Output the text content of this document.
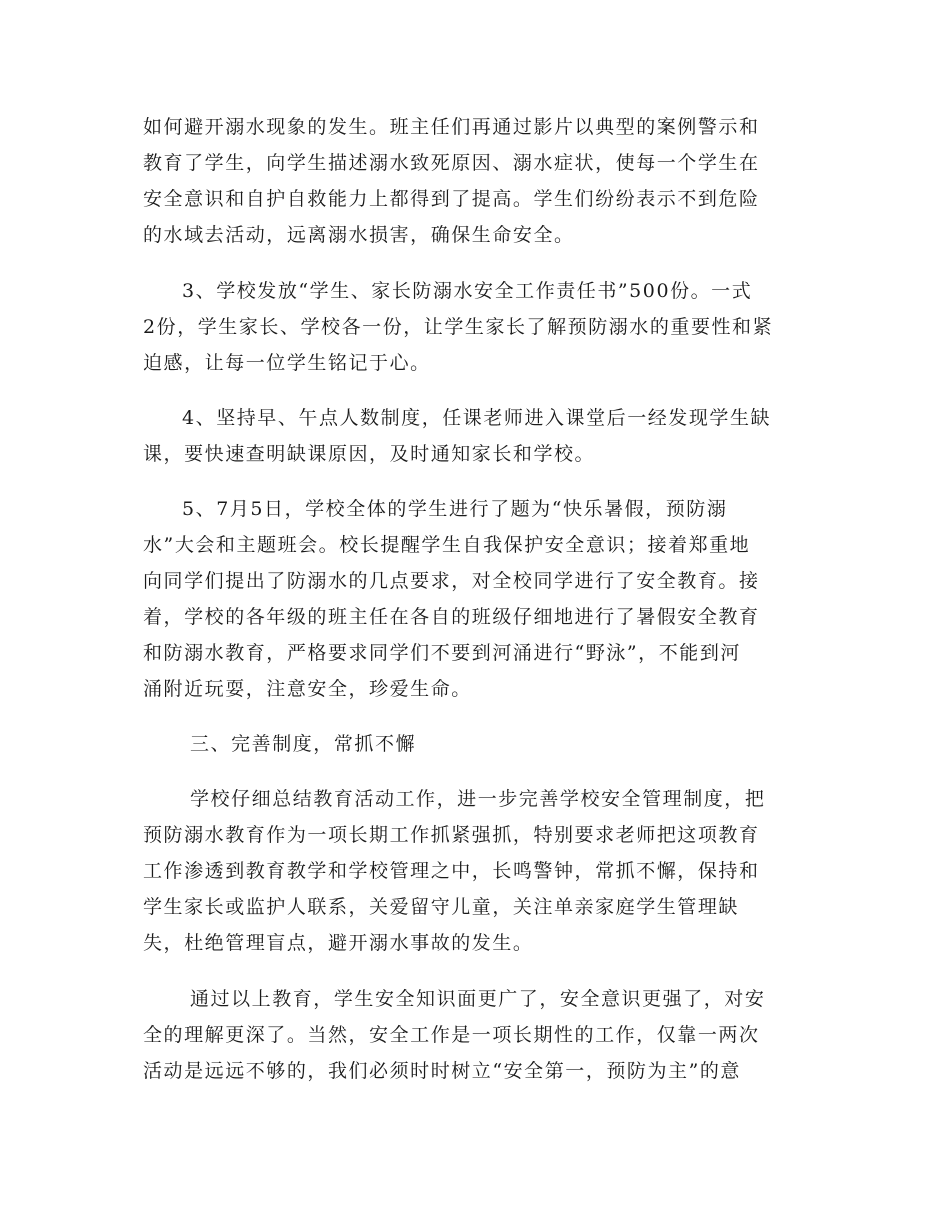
如何避开溺水现象的发生。班主任们再通过影片以典型的案例警示和
教育了学生，向学生描述溺水致死原因、溺水症状，使每一个学生在
安全意识和自护自救能力上都得到了提高。学生们纷纷表示不到危险
的水域去活动，远离溺水损害，确保生命安全。
3、学校发放“学生、家长防溺水安全工作责任书”500份。一式
2份，学生家长、学校各一份，让学生家长了解预防溺水的重要性和紧
迫感，让每一位学生铭记于心。
4、坚持早、午点人数制度，任课老师进入课堂后一经发现学生缺
课，要快速查明缺课原因，及时通知家长和学校。
5、7月5日，学校全体的学生进行了题为“快乐暑假，预防溺
水”大会和主题班会。校长提醒学生自我保护安全意识；接着郑重地
向同学们提出了防溺水的几点要求，对全校同学进行了安全教育。接
着，学校的各年级的班主任在各自的班级仔细地进行了暑假安全教育
和防溺水教育，严格要求同学们不要到河涌进行“野泳”，不能到河
涌附近玩耍，注意安全，珍爱生命。
三、完善制度，常抓不懈
学校仔细总结教育活动工作，进一步完善学校安全管理制度，把
预防溺水教育作为一项长期工作抓紧强抓，特别要求老师把这项教育
工作渗透到教育教学和学校管理之中，长鸣警钟，常抓不懈，保持和
学生家长或监护人联系，关爱留守儿童，关注单亲家庭学生管理缺
失，杜绝管理盲点，避开溺水事故的发生。
通过以上教育，学生安全知识面更广了，安全意识更强了，对安
全的理解更深了。当然，安全工作是一项长期性的工作，仅靠一两次
活动是远远不够的，我们必须时时树立“安全第一，预防为主”的意
